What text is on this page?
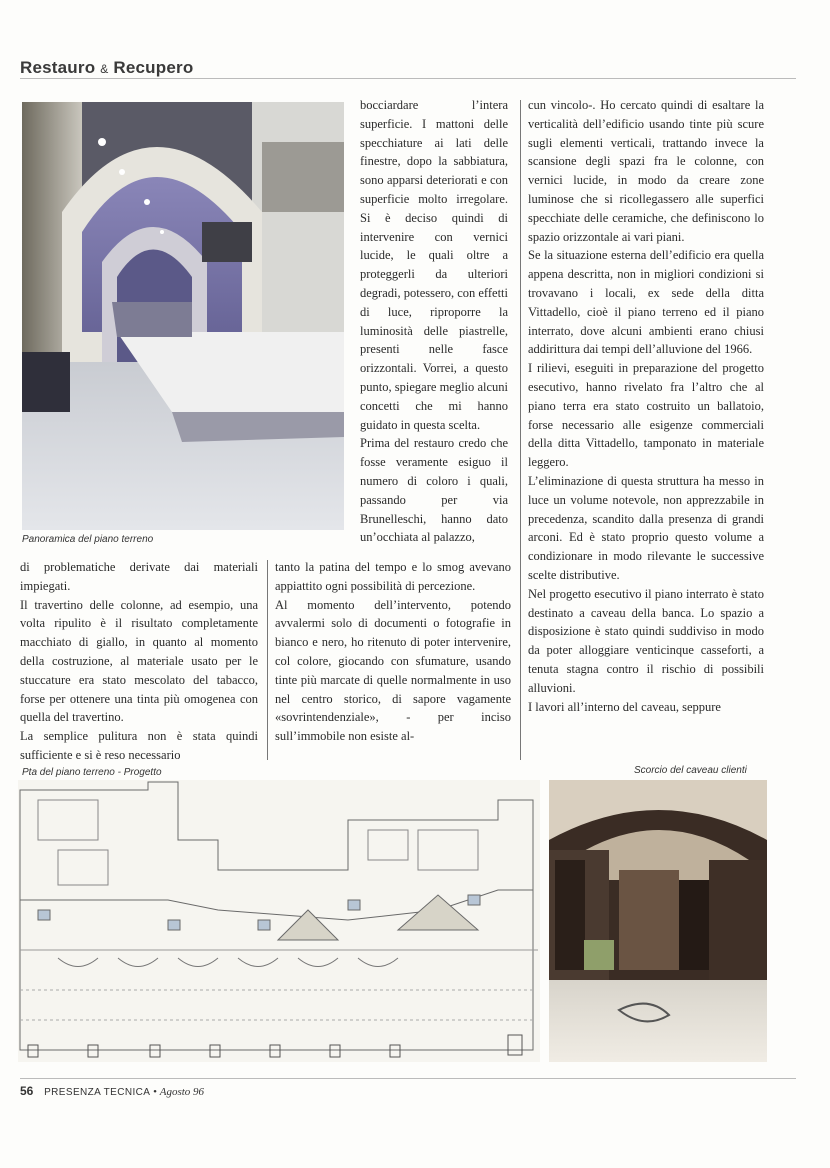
Restauro & Recupero
Panoramica del piano terreno

bocciardare l’intera superficie. I mattoni delle specchiature ai lati delle finestre, dopo la sabbiatura, sono apparsi deteriorati e con superficie molto irregolare. Si è deciso quindi di intervenire con vernici lucide, le quali oltre a proteggerli da ulteriori degradi, potessero, con effetti di luce, riproporre la luminosità delle piastrelle, presenti nelle fasce orizzontali. Vorrei, a questo punto, spiegare meglio alcuni concetti che mi hanno guidato in questa scelta.

Prima del restauro credo che fosse veramente esiguo il numero di coloro i quali, passando per via Brunelleschi, hanno dato un’occhiata al palazzo,

di problematiche derivate dai materiali impiegati.

Il travertino delle colonne, ad esempio, una volta ripulito è il risultato completamente macchiato di giallo, in quanto al momento della costruzione, al materiale usato per le stuccature era stato mescolato del tabacco, forse per ottenere una tinta più omogenea con quella del travertino.

La semplice pulitura non è stata quindi sufficiente e si è reso necessario

tanto la patina del tempo e lo smog avevano appiattito ogni possibilità di percezione.

Al momento dell’intervento, potendo avvalermi solo di documenti o fotografie in bianco e nero, ho ritenuto di poter intervenire, col colore, giocando con sfumature, usando tinte più marcate di quelle normalmente in uso nel centro storico, di sapore vagamente «sovrintendenziale», - per inciso sull’immobile non esiste al-

cun vincolo-. Ho cercato quindi di esaltare la verticalità dell’edificio usando tinte più scure sugli elementi verticali, trattando invece la scansione degli spazi fra le colonne, con vernici lucide, in modo da creare zone luminose che si ricollegassero alle superfici specchiate delle ceramiche, che definiscono lo spazio orizzontale ai vari piani.

Se la situazione esterna dell’edificio era quella appena descritta, non in migliori condizioni si trovavano i locali, ex sede della ditta Vittadello, cioè il piano terreno ed il piano interrato, dove alcuni ambienti erano chiusi addirittura dai tempi dell’alluvione del 1966.

I rilievi, eseguiti in preparazione del progetto esecutivo, hanno rivelato fra l’altro che al piano terra era stato costruito un ballatoio, forse necessario alle esigenze commerciali della ditta Vittadello, tamponato in materiale leggero.

L’eliminazione di questa struttura ha messo in luce un volume notevole, non apprezzabile in precedenza, scandito dalla presenza di grandi arconi. Ed è stato proprio questo volume a condizionare in modo rilevante le successive scelte distributive.

Nel progetto esecutivo il piano interrato è stato destinato a caveau della banca. Lo spazio a disposizione è stato quindi suddiviso in modo da poter alloggiare venticinque casseforti, a tenuta stagna contro il rischio di possibili alluvioni.

I lavori all’interno del caveau, seppure

Pta del piano terreno - Progetto	Scorcio del caveau clienti
56 PRESENZA TECNICA • Agosto 96
